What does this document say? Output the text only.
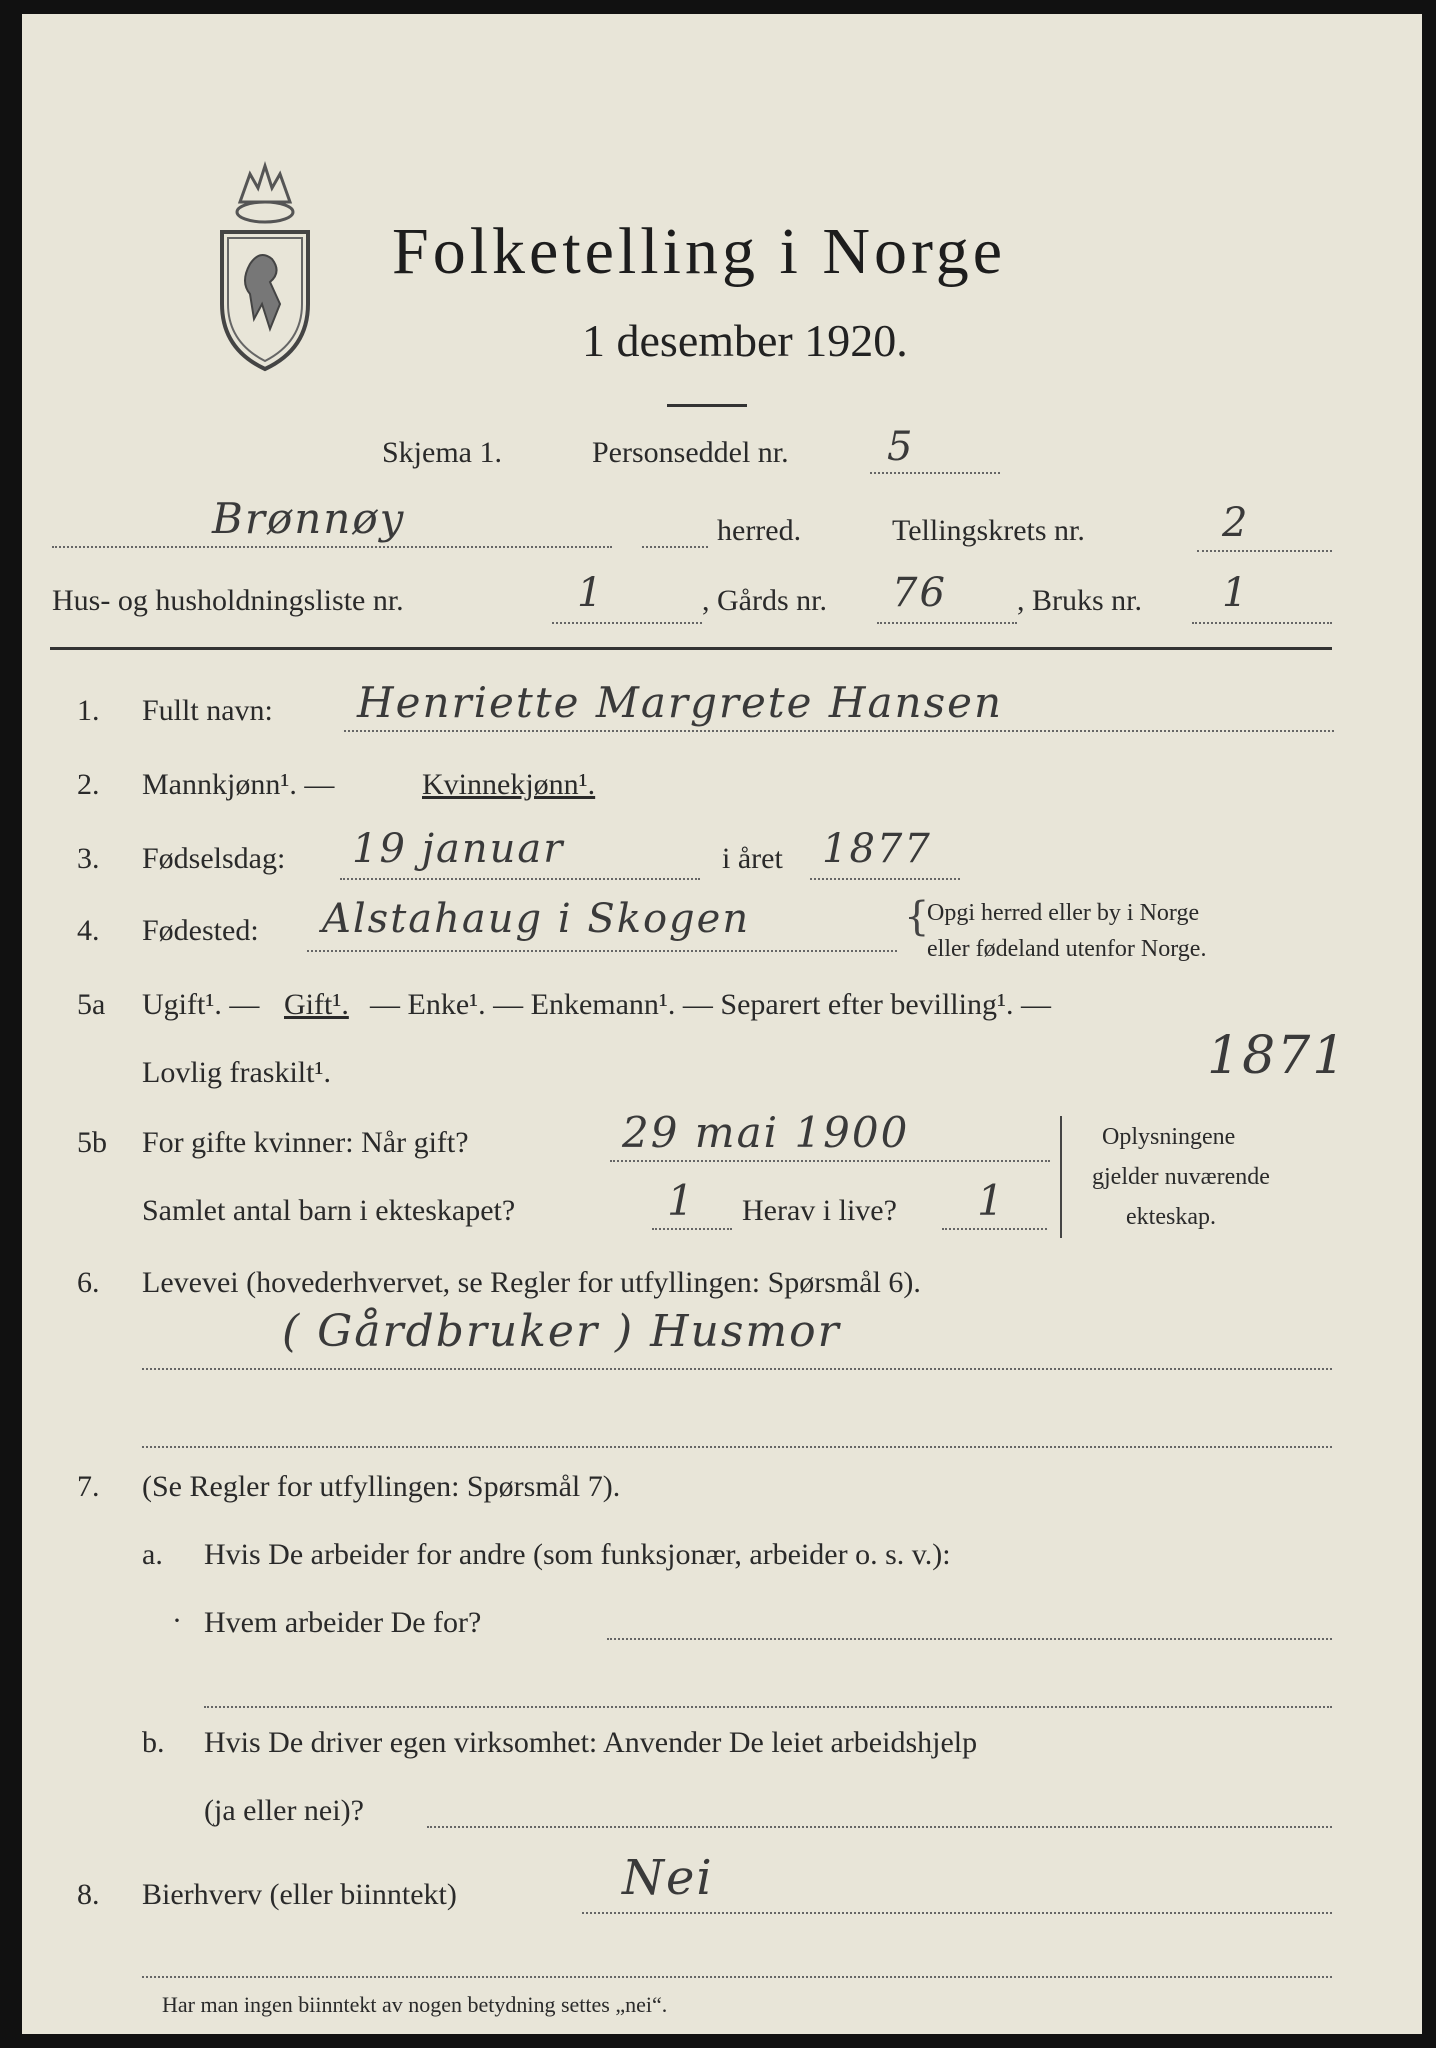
Folketelling i Norge
1 desember 1920.
Skjema 1.	Personseddel nr. 5
Brønnøy	herred.	Tellingskrets nr.	2
Hus- og husholdningsliste nr.	1	, Gårds nr. 76 , Bruks nr. 1
1. Fullt navn: Henriette Margrete Hansen
2. Mannkjønn¹. —	Kvinnekjønn¹.
3. Fødselsdag: 19 januar	i året 1877
4. Fødested: Alstahaug i Skogen	{
Opgi herred eller by i Norge
eller fødeland utenfor Norge.
5a Ugift¹. — Gift¹. — Enke¹. — Enkemann¹. — Separert efter bevilling¹. —
Lovlig fraskilt¹.	1871
5b For gifte kvinner: Når gift?	29 mai 1900
Samlet antal barn i ekteskapet?	1 Herav i live? 1
Oplysningene
gjelder nuværende
ekteskap.
6. Levevei (hovederhvervet, se Regler for utfyllingen: Spørsmål 6).
( Gårdbruker ) Husmor
7. (Se Regler for utfyllingen: Spørsmål 7).
a. Hvis De arbeider for andre (som funksjonær, arbeider o. s. v.):
· Hvem arbeider De for?
b. Hvis De driver egen virksomhet: Anvender De leiet arbeidshjelp
(ja eller nei)?
8. Bierhverv (eller biinntekt)	Nei
Har man ingen biinntekt av nogen betydning settes „nei“.
